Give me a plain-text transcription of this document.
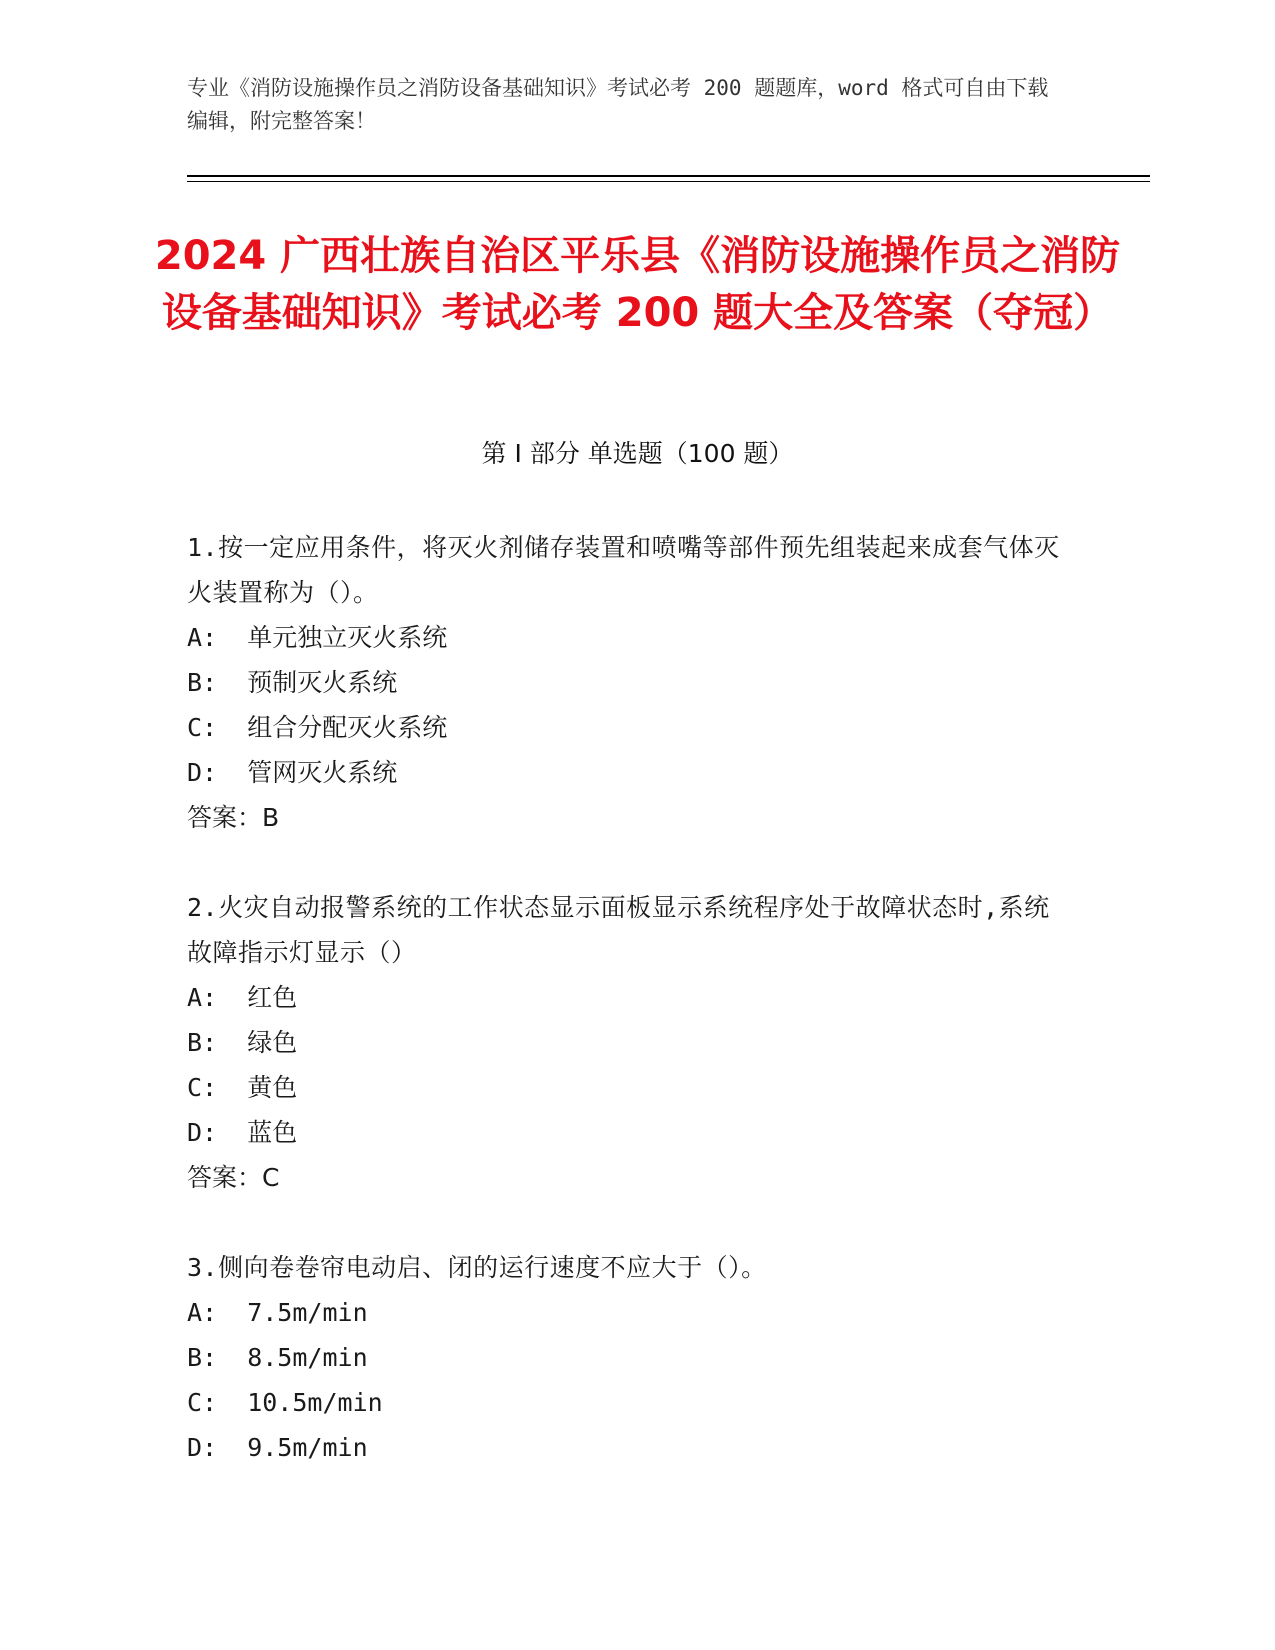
专业《消防设施操作员之消防设备基础知识》考试必考 200 题题库，word 格式可自由下载编辑，附完整答案！
2024 广西壮族自治区平乐县《消防设施操作员之消防设备基础知识》考试必考 200 题大全及答案（夺冠）
第 I 部分 单选题（100 题）
1.按一定应用条件，将灭火剂储存装置和喷嘴等部件预先组装起来成套气体灭火装置称为（）。
A:  单元独立灭火系统
B:  预制灭火系统
C:  组合分配灭火系统
D:  管网灭火系统
答案：B
2.火灾自动报警系统的工作状态显示面板显示系统程序处于故障状态时,系统故障指示灯显示（）
A:  红色
B:  绿色
C:  黄色
D:  蓝色
答案：C
3.侧向卷卷帘电动启、闭的运行速度不应大于（）。
A:  7.5m/min
B:  8.5m/min
C:  10.5m/min
D:  9.5m/min
